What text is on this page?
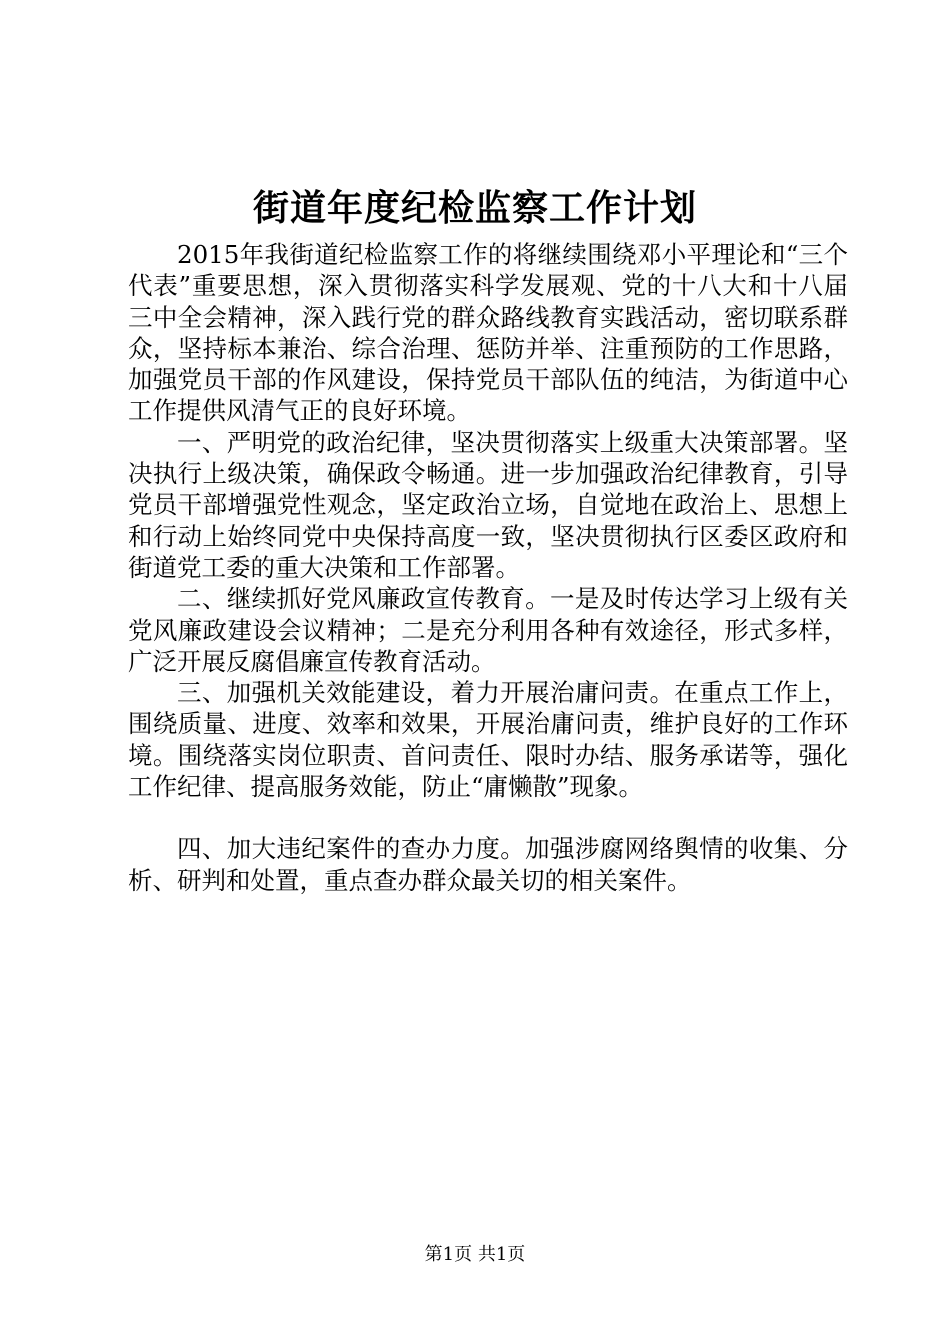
街道年度纪检监察工作计划

2015年我街道纪检监察工作的将继续围绕邓小平理论和“三个代表”重要思想，深入贯彻落实科学发展观、党的十八大和十八届三中全会精神，深入践行党的群众路线教育实践活动，密切联系群众，坚持标本兼治、综合治理、惩防并举、注重预防的工作思路，加强党员干部的作风建设，保持党员干部队伍的纯洁，为街道中心工作提供风清气正的良好环境。

一、严明党的政治纪律，坚决贯彻落实上级重大决策部署。坚决执行上级决策，确保政令畅通。进一步加强政治纪律教育，引导党员干部增强党性观念，坚定政治立场，自觉地在政治上、思想上和行动上始终同党中央保持高度一致，坚决贯彻执行区委区政府和街道党工委的重大决策和工作部署。

二、继续抓好党风廉政宣传教育。一是及时传达学习上级有关党风廉政建设会议精神；二是充分利用各种有效途径，形式多样，广泛开展反腐倡廉宣传教育活动。

三、加强机关效能建设，着力开展治庸问责。在重点工作上，围绕质量、进度、效率和效果，开展治庸问责，维护良好的工作环境。围绕落实岗位职责、首问责任、限时办结、服务承诺等，强化工作纪律、提高服务效能，防止“庸懒散”现象。

四、加大违纪案件的查办力度。加强涉腐网络舆情的收集、分析、研判和处置，重点查办群众最关切的相关案件。

第1页 共1页
